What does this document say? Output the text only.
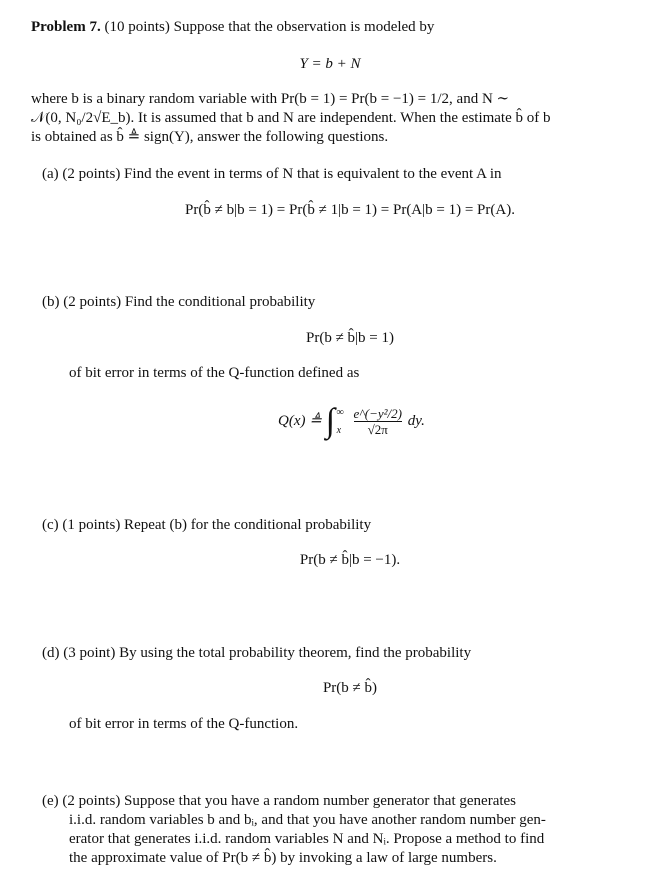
Problem 7. (10 points) Suppose that the observation is modeled by
Y = b + N
where b is a binary random variable with Pr(b = 1) = Pr(b = −1) = 1/2, and N ∼
𝒩(0, N₀/2√E_b). It is assumed that b and N are independent. When the estimate b̂ of b
is obtained as b̂ ≜ sign(Y), answer the following questions.
(a) (2 points) Find the event in terms of N that is equivalent to the event A in
Pr(b̂ ≠ b|b = 1) = Pr(b̂ ≠ 1|b = 1) = Pr(A|b = 1) = Pr(A).
(b) (2 points) Find the conditional probability
Pr(b ≠ b̂|b = 1)
of bit error in terms of the Q-function defined as
Q(x) ≜ ∫ ∞
x
$\frac{\text{e\textasciicircum{}(−y²/2)}}{√2\pi}$ dy.
(c) (1 points) Repeat (b) for the conditional probability
Pr(b ≠ b̂|b = −1).
(d) (3 point) By using the total probability theorem, find the probability
Pr(b ≠ b̂)
of bit error in terms of the Q-function.
(e) (2 points) Suppose that you have a random number generator that generates
i.i.d. random variables b and bᵢ, and that you have another random number gen-
erator that generates i.i.d. random variables N and Nᵢ. Propose a method to find
the approximate value of Pr(b ≠ b̂) by invoking a law of large numbers.
